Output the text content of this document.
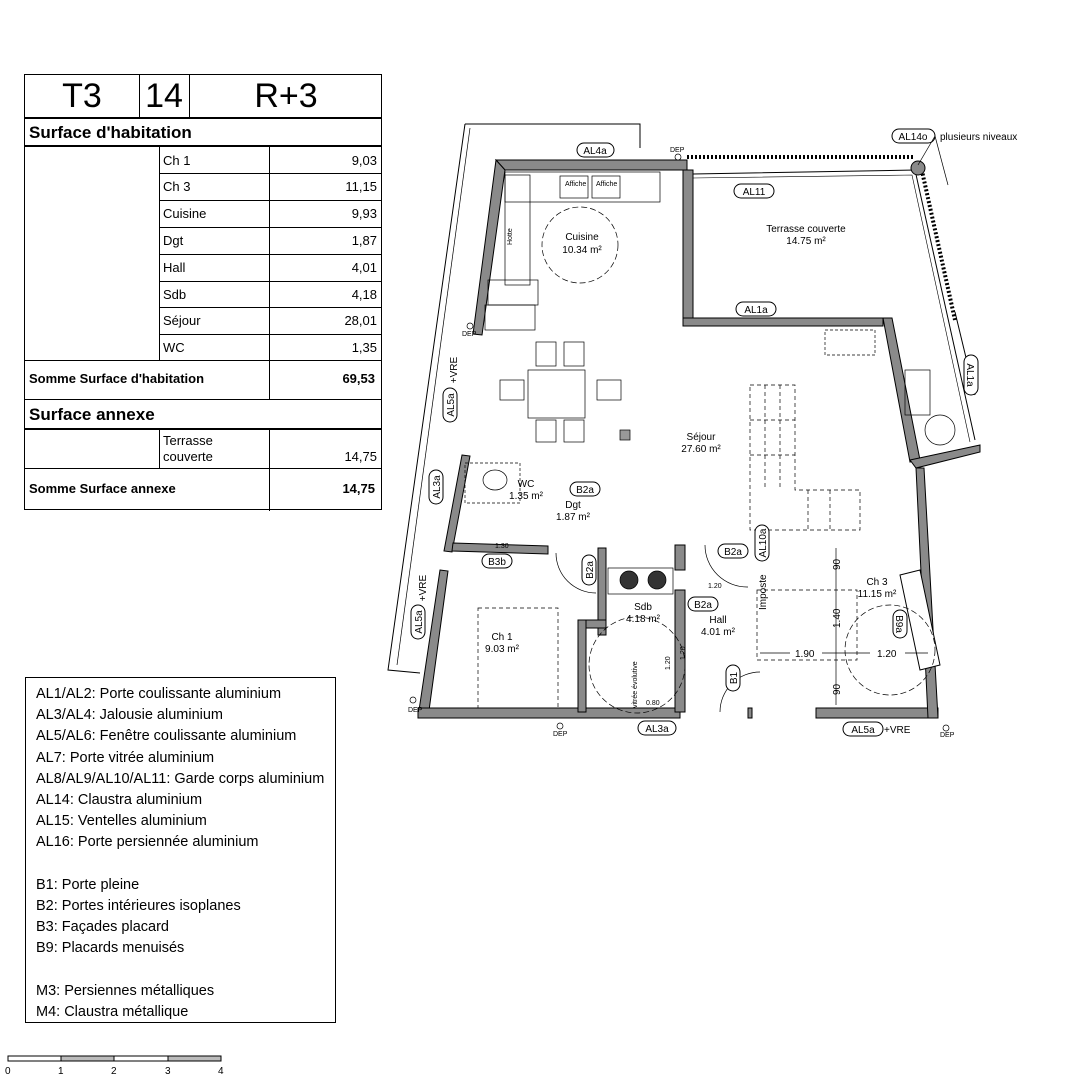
T3	14	R+3
Surface d'habitation
Ch 1	9,03
Ch 3	11,15
Cuisine	9,93
Dgt	1,87
Hall	4,01
Sdb	4,18
Séjour	28,01
WC	1,35
Somme Surface d'habitation	69,53
Surface annexe
Terrasse
couverte	14,75
Somme Surface annexe	14,75
AL1/AL2: Porte coulissante aluminium
AL3/AL4: Jalousie aluminium
AL5/AL6: Fenêtre coulissante aluminium
AL7: Porte vitrée aluminium
AL8/AL9/AL10/AL11: Garde corps aluminium
AL14: Claustra aluminium
AL15: Ventelles aluminium
AL16: Porte persiennée aluminium
B1: Porte pleine
B2: Portes intérieures isoplanes
B3: Façades placard
B9: Placards menuisés
M3: Persiennes métalliques
M4: Claustra métallique
0	1	2	3	4
Cuisine
10.34 m²
Terrasse couverte
14.75 m²
Séjour
27.60 m²
WC
1.35 m²
Dgt
1.87 m²
Sdb
4.18 m²	Hall
4.01 m²
Ch 1
9.03 m²
Ch 3
11.15 m²
AL4a
AL14o
AL11
AL1a
B2a
B2a
B3b
B2a
AL3a	AL5a
plusieurs niveaux
+VRE
AL5a
+VRE
AL3a
AL5a
+VRE
B2a
B1
AL10a
B9a
AL1a
DEP
DEP
DEP
DEP	DEP
Affiche Affiche
Hotte
vitrée évolutive
1.20
1.30
0.80
1.20
1.20
Imposte
90
1.40
90
1.90	1.20
